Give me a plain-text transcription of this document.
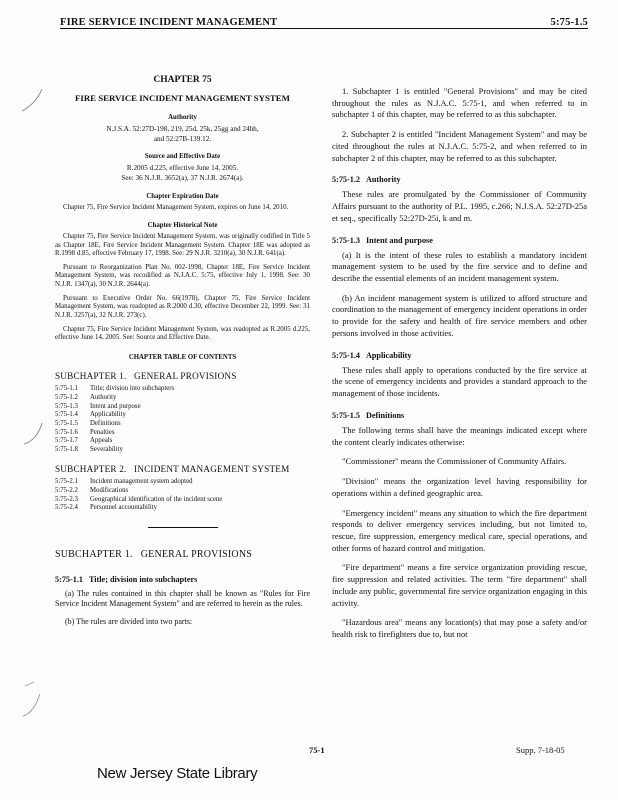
FIRE SERVICE INCIDENT MANAGEMENT	5:75-1.5
CHAPTER 75
FIRE SERVICE INCIDENT MANAGEMENT SYSTEM
Authority

N.J.S.A. 52:27D-198, 219, 25d, 25k, 25gg and 24hh, and 52:27B-139.12.

Source and Effective Date

R.2005 d.225, effective June 14, 2005.

See: 36 N.J.R. 3652(a), 37 N.J.R. 2674(a).

Chapter Expiration Date

Chapter 75, Fire Service Incident Management System, expires on June 14, 2010.

Chapter Historical Note

Chapter 75, Fire Service Incident Management System, was originally codified in Title 5 as Chapter 18E, Fire Service Incident Management System. Chapter 18E was adopted as R.1998 d.85, effective February 17, 1998. See: 29 N.J.R. 3210(a), 30 N.J.R. 641(a).

Pursuant to Reorganization Plan No. 002-1998, Chapter 18E, Fire Service Incident Management System, was recodified as N.J.A.C. 5:75, effective July 1, 1998. See: 30 N.J.R. 1347(a), 30 N.J.R. 2644(a).

Pursuant to Executive Order No. 66(1978), Chapter 75, Fire Service Incident Management System, was readopted as R.2000 d.30, effective December 22, 1999. See: 31 N.J.R. 3257(a), 32 N.J.R. 273(c).

Chapter 75, Fire Service Incident Management System, was readopted as R.2005 d.225, effective June 14, 2005. See: Source and Effective Date.

CHAPTER TABLE OF CONTENTS
SUBCHAPTER 1.   GENERAL PROVISIONS
5:75-1.1	Title; division into subchapters
5:75-1.2	Authority
5:75-1.3	Intent and purpose
5:75-1.4	Applicability
5:75-1.5	Definitions
5:75-1.6	Penalties
5:75-1.7	Appeals
5:75-1.8	Severability
SUBCHAPTER 2.   INCIDENT MANAGEMENT SYSTEM
5:75-2.1	Incident management system adopted
5:75-2.2	Modifications
5:75-2.3	Geographical identification of the incident scene
5:75-2.4	Personnel accountability
SUBCHAPTER 1.   GENERAL PROVISIONS
5:75-1.1 Title; division into subchapters

(a) The rules contained in this chapter shall be known as "Rules for Fire Service Incident Management System" and are referred to herein as the rules.

(b) The rules are divided into two parts:

1. Subchapter 1 is entitled "General Provisions" and may be cited throughout the rules as N.J.A.C. 5:75-1, and when referred to in subchapter 1 of this chapter, may be referred to as this subchapter.

2. Subchapter 2 is entitled "Incident Management System" and may be cited throughout the rules at N.J.A.C. 5:75-2, and when referred to in subchapter 2 of this chapter, may be referred to as this subchapter.

5:75-1.2 Authority

These rules are promulgated by the Commissioner of Community Affairs pursuant to the authority of P.L. 1995, c.266; N.J.S.A. 52:27D-25a et seq., specifically 52:27D-25i, k and m.

5:75-1.3 Intent and purpose

(a) It is the intent of these rules to establish a mandatory incident management system to be used by the fire service and to define and describe the essential elements of an incident management system.

(b) An incident management system is utilized to afford structure and coordination to the management of emergency incident operations in order to provide for the safety and health of fire service members and other persons involved in those activities.

5:75-1.4 Applicability

These rules shall apply to operations conducted by the fire service at the scene of emergency incidents and provides a standard approach to the management of those incidents.

5:75-1.5 Definitions

The following terms shall have the meanings indicated except where the content clearly indicates otherwise:

"Commissioner" means the Commissioner of Community Affairs.

"Division" means the organization level having responsibility for operations within a defined geographic area.

"Emergency incident" means any situation to which the fire department responds to deliver emergency services including, but not limited to, rescue, fire suppression, emergency medical care, special operations, and other forms of hazard control and mitigation.

"Fire department" means a fire service organization providing rescue, fire suppression and related activities. The term "fire department" shall include any public, governmental fire service organization engaging in this activity.

"Hazardous area" means any location(s) that may pose a safety and/or health risk to firefighters due to, but not

75-1	Supp. 7-18-05
New Jersey State Library
